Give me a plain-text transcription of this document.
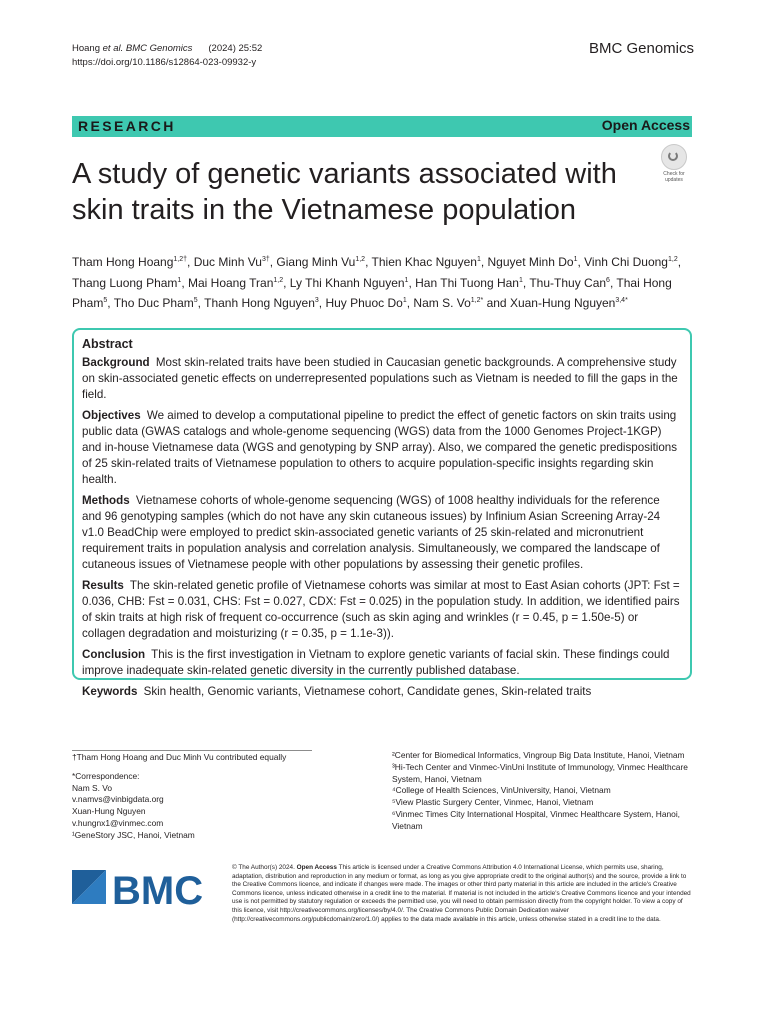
Hoang et al. BMC Genomics (2024) 25:52
https://doi.org/10.1186/s12864-023-09932-y
BMC Genomics
RESEARCH	Open Access
Check for updates
A study of genetic variants associated with skin traits in the Vietnamese population
Tham Hong Hoang$^{1,2\dagger}$, Duc Minh $Vu^{3\dagger}$, Giang Minh Vu$^{1,2}$, Thien Khac Nguyen$^1$, Nguyet Minh Do$^1$, Vinh Chi Duong$^{1,2}$, Thang Luong Pham$^1$, Mai Hoang Tran$^{1,2}$, Ly Thi Khanh Nguyen$^1$, Han Thi Tuong Han$^1$, Thu-Thuy Can$^6$, Thai Hong Pham$^5$, Tho Duc Pham$^5$, Thanh Hong Nguyen$^3$, Huy Phuoc Do$^1$, Nam S. $Vo^{1,2*}$ and Xuan-Hung Nguyen$^{3,4*}$
Abstract

Background Most skin-related traits have been studied in Caucasian genetic backgrounds. A comprehensive study on skin-associated genetic effects on underrepresented populations such as Vietnam is needed to fill the gaps in the field.

Objectives We aimed to develop a computational pipeline to predict the effect of genetic factors on skin traits using public data (GWAS catalogs and whole-genome sequencing (WGS) data from the 1000 Genomes Project-1KGP) and in-house Vietnamese data (WGS and genotyping by SNP array). Also, we compared the genetic predispositions of 25 skin-related traits of Vietnamese population to others to acquire population-specific insights regarding skin health.

Methods Vietnamese cohorts of whole-genome sequencing (WGS) of 1008 healthy individuals for the reference and 96 genotyping samples (which do not have any skin cutaneous issues) by Infinium Asian Screening Array-24 v1.0 BeadChip were employed to predict skin-associated genetic variants of 25 skin-related and micronutrient requirement traits in population analysis and correlation analysis. Simultaneously, we compared the landscape of cutaneous issues of Vietnamese people with other populations by assessing their genetic profiles.

Results The skin-related genetic profile of Vietnamese cohorts was similar at most to East Asian cohorts (JPT: Fst = 0.036, CHB: Fst = 0.031, CHS: Fst = 0.027, CDX: Fst = 0.025) in the population study. In addition, we identified pairs of skin traits at high risk of frequent co-occurrence (such as skin aging and wrinkles (r = 0.45, p = 1.50e-5) or collagen degradation and moisturizing (r = 0.35, p = 1.1e-3)).

Conclusion This is the first investigation in Vietnam to explore genetic variants of facial skin. These findings could improve inadequate skin-related genetic diversity in the currently published database.

Keywords Skin health, Genomic variants, Vietnamese cohort, Candidate genes, Skin-related traits

†Tham Hong Hoang and Duc Minh Vu contributed equally
*Correspondence:
Nam S. Vo
v.namvs@vinbigdata.org
Xuan-Hung Nguyen
v.hungnx1@vinmec.com
¹GeneStory JSC, Hanoi, Vietnam
²Center for Biomedical Informatics, Vingroup Big Data Institute, Hanoi, Vietnam
³Hi-Tech Center and Vinmec-VinUni Institute of Immunology, Vinmec Healthcare System, Hanoi, Vietnam
⁴College of Health Sciences, VinUniversity, Hanoi, Vietnam
⁵View Plastic Surgery Center, Vinmec, Hanoi, Vietnam
⁶Vinmec Times City International Hospital, Vinmec Healthcare System, Hanoi, Vietnam
BMC
© The Author(s) 2024. Open Access This article is licensed under a Creative Commons Attribution 4.0 International License, which permits use, sharing, adaptation, distribution and reproduction in any medium or format, as long as you give appropriate credit to the original author(s) and the source, provide a link to the Creative Commons licence, and indicate if changes were made. The images or other third party material in this article are included in the article's Creative Commons licence, unless indicated otherwise in a credit line to the material. If material is not included in the article's Creative Commons licence and your intended use is not permitted by statutory regulation or exceeds the permitted use, you will need to obtain permission directly from the copyright holder. To view a copy of this licence, visit http://creativecommons.org/licenses/by/4.0/. The Creative Commons Public Domain Dedication waiver (http://creativecommons.org/publicdomain/zero/1.0/) applies to the data made available in this article, unless otherwise stated in a credit line to the data.
